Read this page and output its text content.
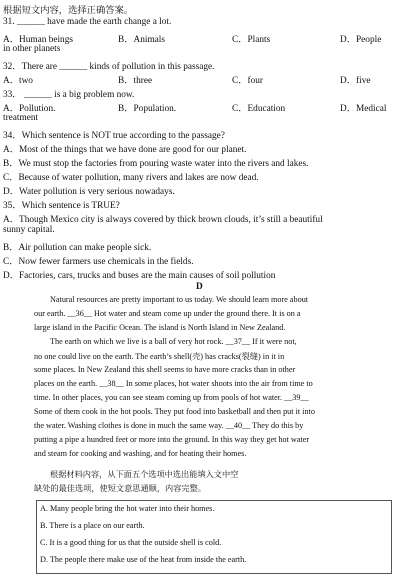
根据短文内容，选择正确答案。
31. ______ have made the earth change a lot.
A．Human beings	B．Animals	C．Plants	D．People
in other planets
32．There are ______ kinds of pollution in this passage.
A．two	B．three	C．four	D．five
33． ______ is a big problem now.
A．Pollution.	B．Population.	C．Education	D．Medical
treatment
34．Which sentence is NOT true according to the passage?
A．Most of the things that we have done are good for our planet.
B．We must stop the factories from pouring waste water into the rivers and lakes.
C．Because of water pollution, many rivers and lakes are now dead.
D．Water pollution is very serious nowadays.
35．Which sentence is TRUE?
A．Though Mexico city is always covered by thick brown clouds, it’s still a beautiful
sunny capital.
B．Air pollution can make people sick.
C．Now fewer farmers use chemicals in the fields.
D．Factories, cars, trucks and buses are the main causes of soil pollution
D
Natural resources are pretty important to us today. We should learn more about
our earth. __36__ Hot water and steam come up under the ground there. It is on a
large island in the Pacific Ocean. The island is North Island in New Zealand.
The earth on which we live is a ball of very hot rock. __37__ If it were not,
no one could live on the earth. The earth’s shell(壳) has cracks(裂缝) in it in
some places. In New Zealand this shell seems to have more cracks than in other
places on the earth. __38__ In some places, hot water shoots into the air from time to
time. In other places, you can see steam coming up from pools of hot water. __39__
Some of them cook in the hot pools. They put food into basketball and then put it into
the water. Washing clothes is done in much the same way. __40__ They do this by
putting a pipe a hundred feet or more into the ground. In this way they get hot water
and steam for cooking and washing, and for heating their homes.
根据材料内容，从下面五个选项中选出能填入文中空
缺处的最佳选项，使短文意思通顺，内容完整。
A. Many people bring the hot water into their homes.
B. There is a place on our earth.
C. It is a good thing for us that the outside shell is cold.
D. The people there make use of the heat from inside the earth.
